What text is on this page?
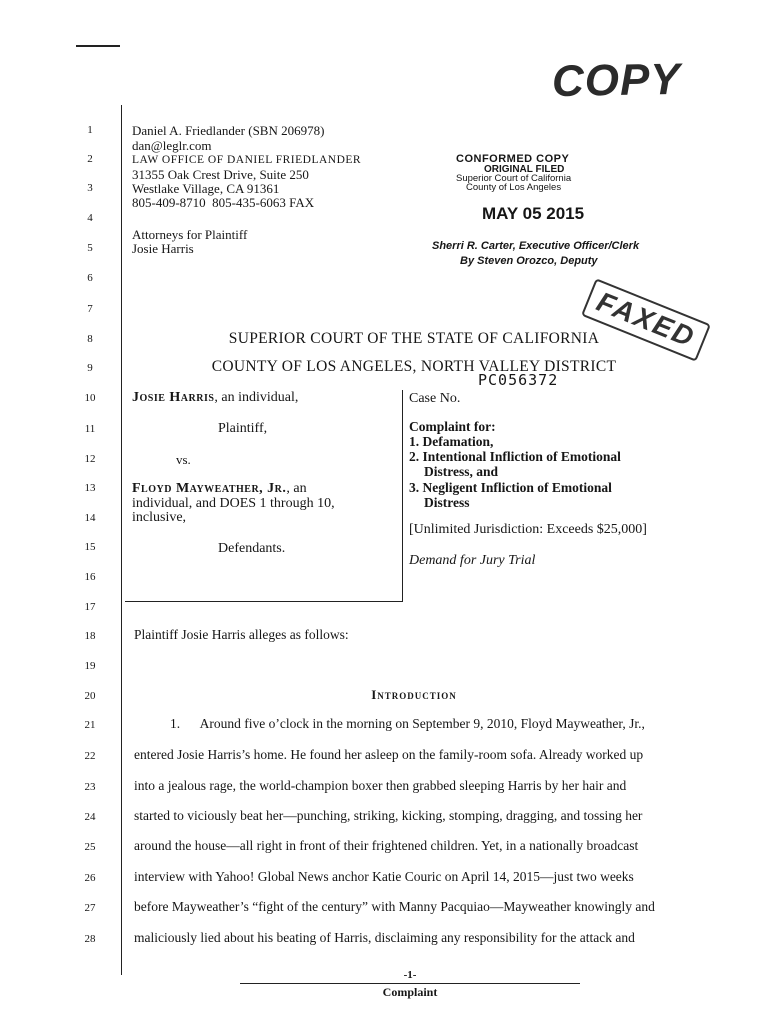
1
2
3
4
5
6
7
8
9
10
11
12
13
14
15
16
17
18
19
20
21
22
23
24
25
26
27
28
COPY
Daniel A. Friedlander (SBN 206978)
dan@leglr.com
LAW OFFICE OF DANIEL FRIEDLANDER
31355 Oak Crest Drive, Suite 250
Westlake Village, CA 91361
805-409-8710  805-435-6063 FAX
Attorneys for Plaintiff
Josie Harris
CONFORMED COPY
ORIGINAL FILED
Superior Court of California
County of Los Angeles
MAY 05 2015
Sherri R. Carter, Executive Officer/Clerk
By Steven Orozco, Deputy
FAXED
SUPERIOR COURT OF THE STATE OF CALIFORNIA
COUNTY OF LOS ANGELES, NORTH VALLEY DISTRICT
PC056372
Josie Harris, an individual,
Plaintiff,
vs.
Floyd Mayweather, Jr., an
individual, and DOES 1 through 10,
inclusive,
Defendants.
Case No.
Complaint for:
1. Defamation,
2. Intentional Infliction of Emotional
Distress, and
3. Negligent Infliction of Emotional
Distress
[Unlimited Jurisdiction: Exceeds $25,000]
Demand for Jury Trial
Plaintiff Josie Harris alleges as follows:
Introduction
1.      Around five o’clock in the morning on September 9, 2010, Floyd Mayweather, Jr.,
entered Josie Harris’s home. He found her asleep on the family-room sofa. Already worked up
into a jealous rage, the world-champion boxer then grabbed sleeping Harris by her hair and
started to viciously beat her—punching, striking, kicking, stomping, dragging, and tossing her
around the house—all right in front of their frightened children. Yet, in a nationally broadcast
interview with Yahoo! Global News anchor Katie Couric on April 14, 2015—just two weeks
before Mayweather’s “fight of the century” with Manny Pacquiao—Mayweather knowingly and
maliciously lied about his beating of Harris, disclaiming any responsibility for the attack and
-1-
Complaint
